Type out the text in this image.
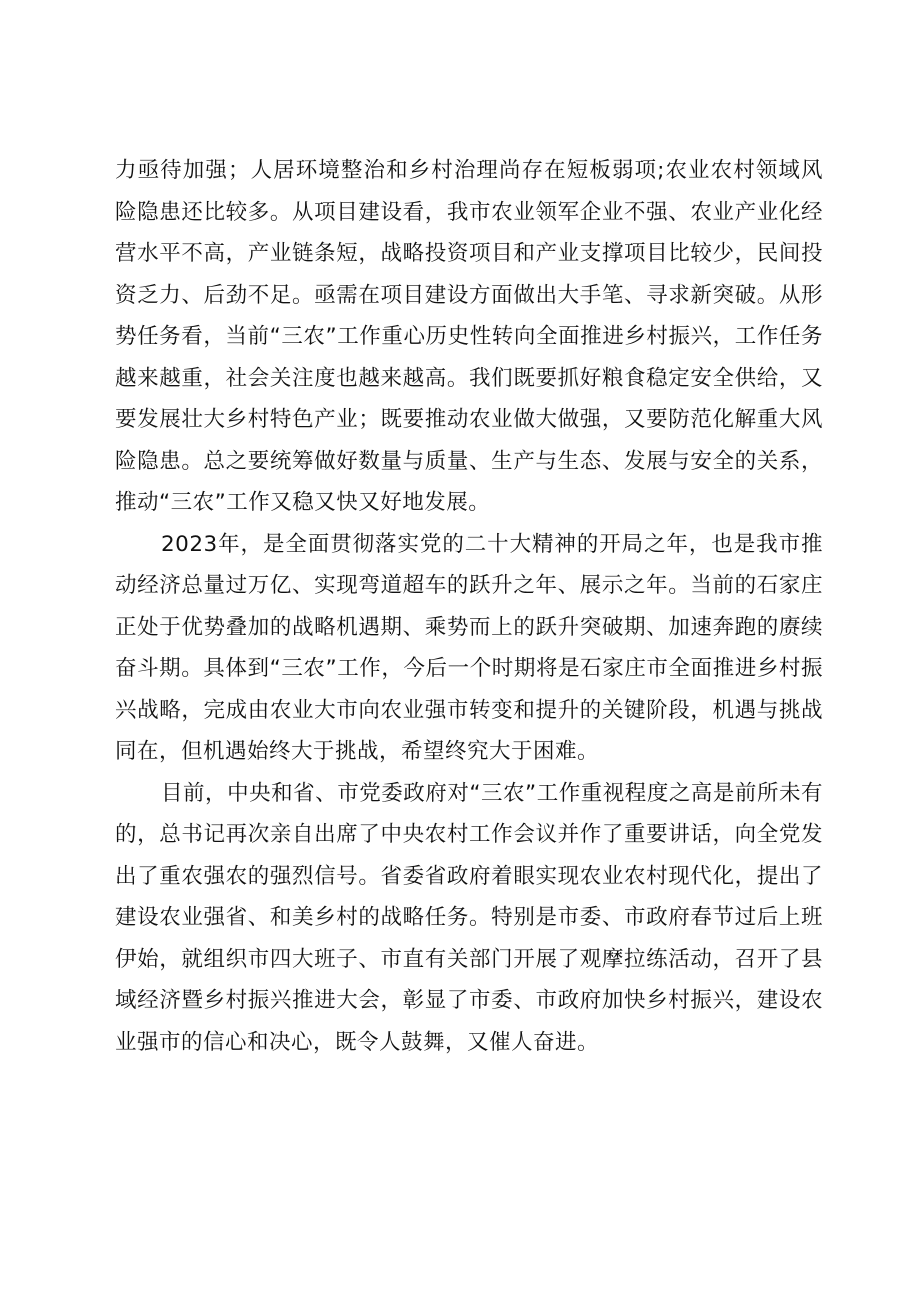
力亟待加强；人居环境整治和乡村治理尚存在短板弱项;农业农村领域风险隐患还比较多。从项目建设看，我市农业领军企业不强、农业产业化经营水平不高，产业链条短，战略投资项目和产业支撑项目比较少，民间投资乏力、后劲不足。亟需在项目建设方面做出大手笔、寻求新突破。从形势任务看，当前“三农”工作重心历史性转向全面推进乡村振兴，工作任务越来越重，社会关注度也越来越高。我们既要抓好粮食稳定安全供给，又要发展壮大乡村特色产业；既要推动农业做大做强，又要防范化解重大风险隐患。总之要统筹做好数量与质量、生产与生态、发展与安全的关系，推动“三农”工作又稳又快又好地发展。

2023年，是全面贯彻落实党的二十大精神的开局之年，也是我市推动经济总量过万亿、实现弯道超车的跃升之年、展示之年。当前的石家庄正处于优势叠加的战略机遇期、乘势而上的跃升突破期、加速奔跑的赓续奋斗期。具体到“三农”工作，今后一个时期将是石家庄市全面推进乡村振兴战略，完成由农业大市向农业强市转变和提升的关键阶段，机遇与挑战同在，但机遇始终大于挑战，希望终究大于困难。

目前，中央和省、市党委政府对“三农”工作重视程度之高是前所未有的，总书记再次亲自出席了中央农村工作会议并作了重要讲话，向全党发出了重农强农的强烈信号。省委省政府着眼实现农业农村现代化，提出了建设农业强省、和美乡村的战略任务。特别是市委、市政府春节过后上班伊始，就组织市四大班子、市直有关部门开展了观摩拉练活动，召开了县域经济暨乡村振兴推进大会，彰显了市委、市政府加快乡村振兴，建设农业强市的信心和决心，既令人鼓舞，又催人奋进。
